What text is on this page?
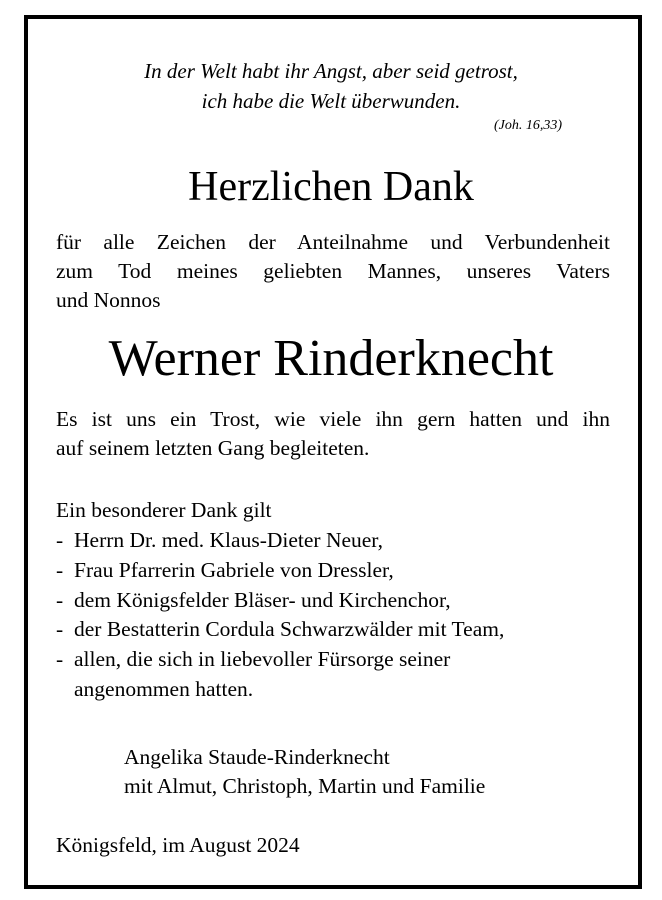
In der Welt habt ihr Angst, aber seid getrost,
ich habe die Welt überwunden.
(Joh. 16,33)
Herzlichen Dank
für alle Zeichen der Anteilnahme und Verbundenheit
zum Tod meines geliebten Mannes, unseres Vaters
und Nonnos
Werner Rinderknecht
Es ist uns ein Trost, wie viele ihn gern hatten und ihn
auf seinem letzten Gang begleiteten.
Ein besonderer Dank gilt
- Herrn Dr. med. Klaus-Dieter Neuer,
- Frau Pfarrerin Gabriele von Dressler,
- dem Königsfelder Bläser- und Kirchenchor,
- der Bestatterin Cordula Schwarzwälder mit Team,
- allen, die sich in liebevoller Fürsorge seiner
angenommen hatten.
Angelika Staude-Rinderknecht
mit Almut, Christoph, Martin und Familie
Königsfeld, im August 2024
